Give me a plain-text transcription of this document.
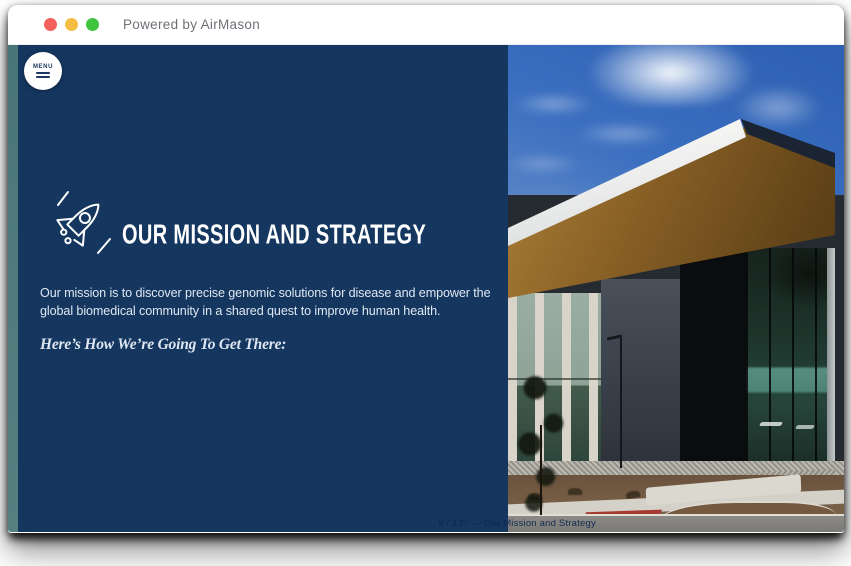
Powered by AirMason
MENU
OUR MISSION AND STRATEGY

Our mission is to discover precise genomic solutions for disease and empower the global biomedical community in a shared quest to improve human health.

Here’s How We’re Going To Get There:

9 / 137 — Our Mission and Strategy
